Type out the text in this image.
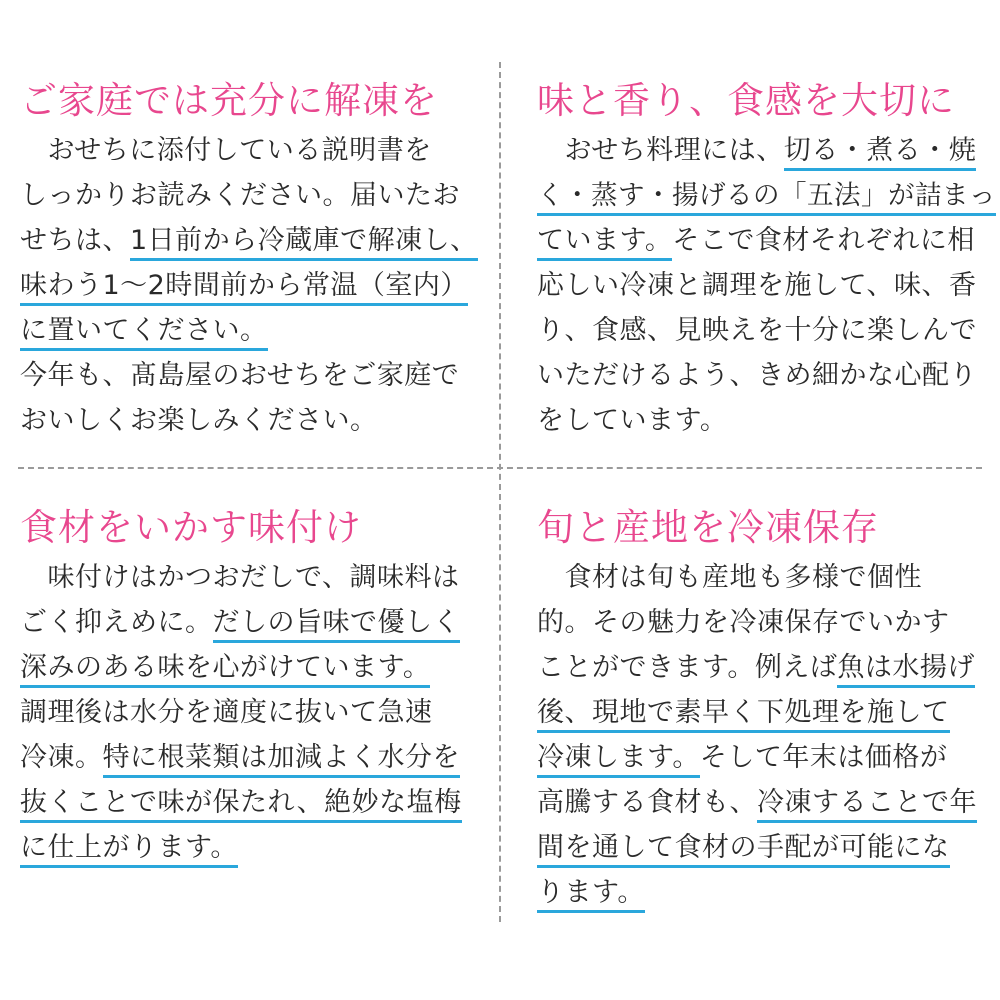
ご家庭では充分に解凍を
　おせちに添付している説明書を
しっかりお読みください。届いたお
せちは、1日前から冷蔵庫で解凍し、
味わう1〜2時間前から常温（室内）
に置いてください。
今年も、髙島屋のおせちをご家庭で
おいしくお楽しみください。
味と香り、食感を大切に
　おせち料理には、切る・煮る・焼
く・蒸す・揚げるの「五法」が詰まっ
ています。そこで食材それぞれに相
応しい冷凍と調理を施して、味、香
り、食感、見映えを十分に楽しんで
いただけるよう、きめ細かな心配り
をしています。
食材をいかす味付け
　味付けはかつおだしで、調味料は
ごく抑えめに。だしの旨味で優しく
深みのある味を心がけています。
調理後は水分を適度に抜いて急速
冷凍。特に根菜類は加減よく水分を
抜くことで味が保たれ、絶妙な塩梅
に仕上がります。
旬と産地を冷凍保存
　食材は旬も産地も多様で個性
的。その魅力を冷凍保存でいかす
ことができます。例えば魚は水揚げ
後、現地で素早く下処理を施して
冷凍します。そして年末は価格が
高騰する食材も、冷凍することで年
間を通して食材の手配が可能にな
ります。
